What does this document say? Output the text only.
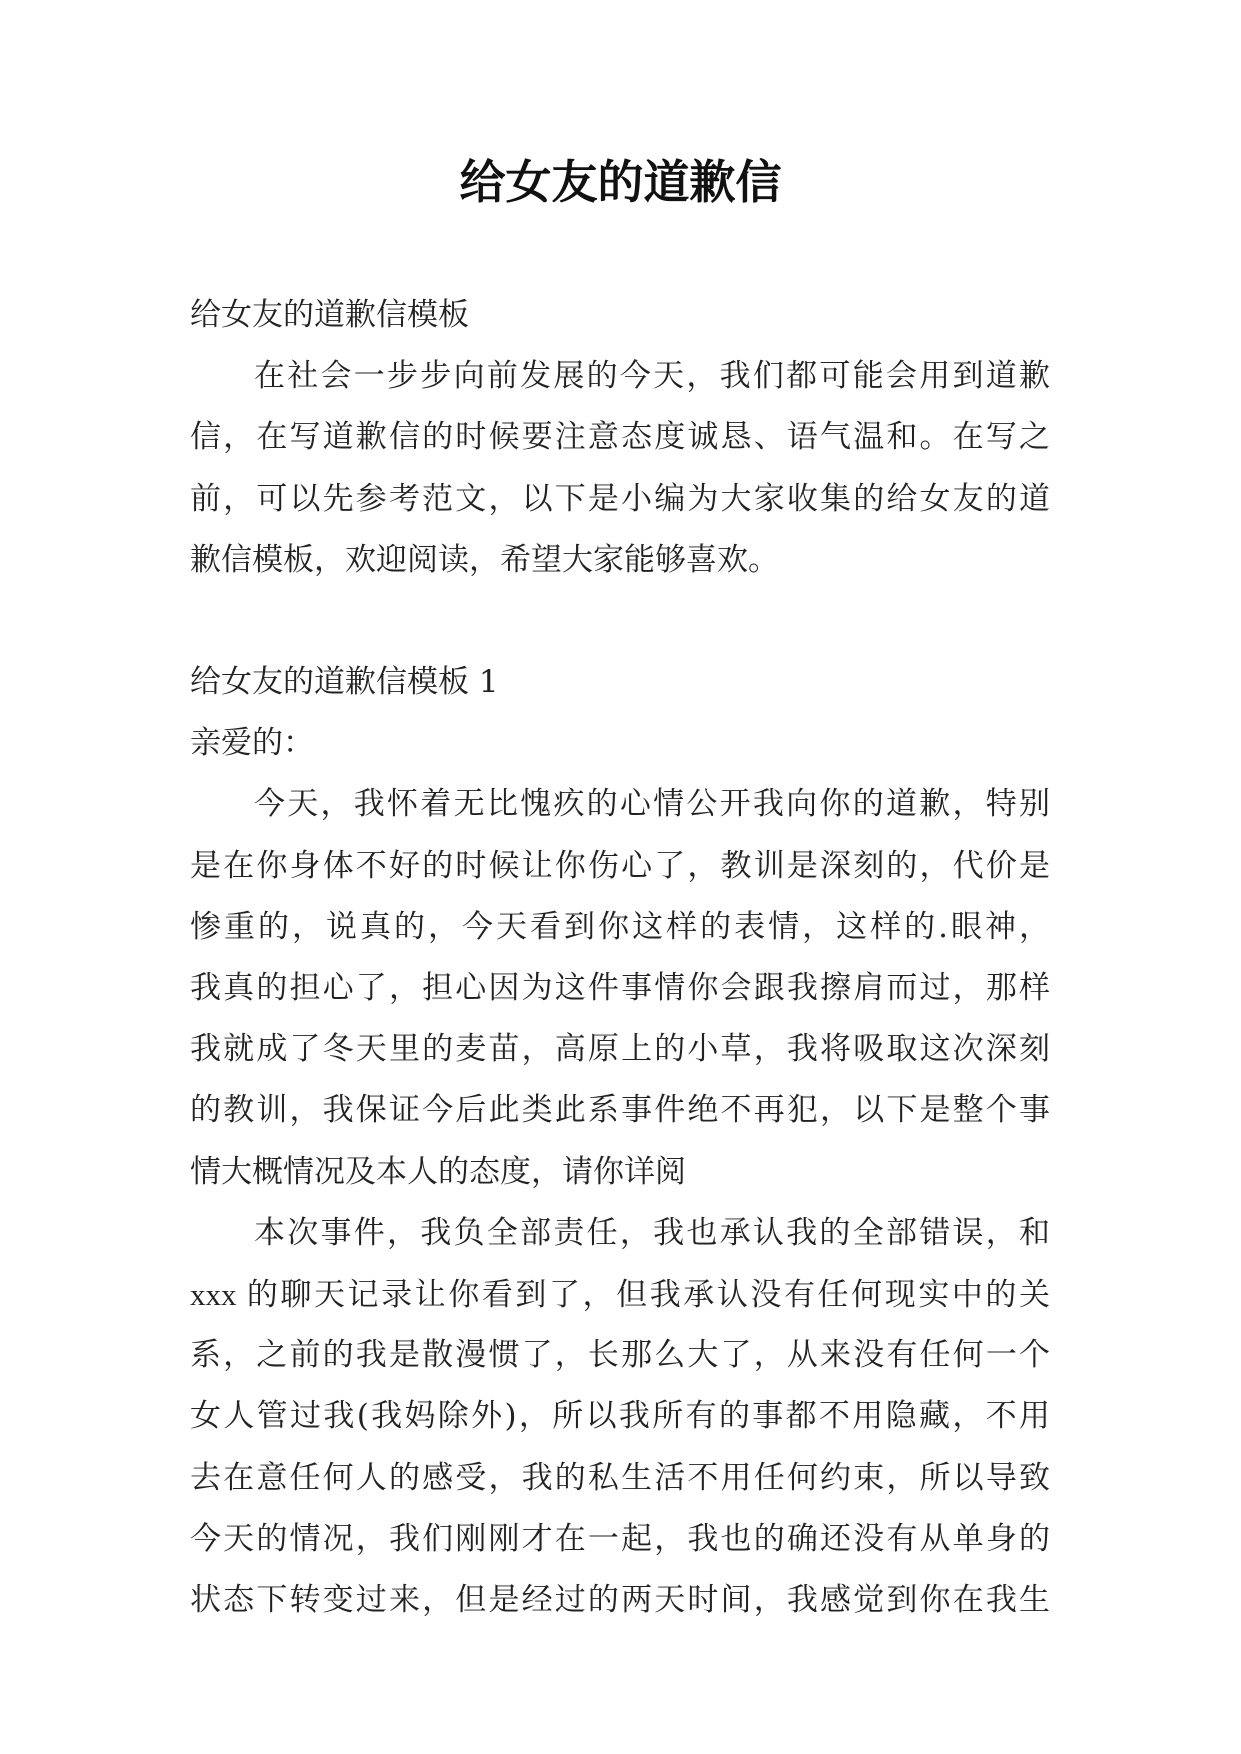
给女友的道歉信
给女友的道歉信模板
在社会一步步向前发展的今天，我们都可能会用到道歉
信，在写道歉信的时候要注意态度诚恳、语气温和。在写之
前，可以先参考范文，以下是小编为大家收集的给女友的道
歉信模板，欢迎阅读，希望大家能够喜欢。
给女友的道歉信模板 1
亲爱的：
今天，我怀着无比愧疚的心情公开我向你的道歉，特别
是在你身体不好的时候让你伤心了，教训是深刻的，代价是
惨重的，说真的，今天看到你这样的表情，这样的.眼神，
我真的担心了，担心因为这件事情你会跟我擦肩而过，那样
我就成了冬天里的麦苗，高原上的小草，我将吸取这次深刻
的教训，我保证今后此类此系事件绝不再犯，以下是整个事
情大概情况及本人的态度，请你详阅
本次事件，我负全部责任，我也承认我的全部错误，和
xxx 的聊天记录让你看到了，但我承认没有任何现实中的关
系，之前的我是散漫惯了，长那么大了，从来没有任何一个
女人管过我(我妈除外)，所以我所有的事都不用隐藏，不用
去在意任何人的感受，我的私生活不用任何约束，所以导致
今天的情况，我们刚刚才在一起，我也的确还没有从单身的
状态下转变过来，但是经过的两天时间，我感觉到你在我生
